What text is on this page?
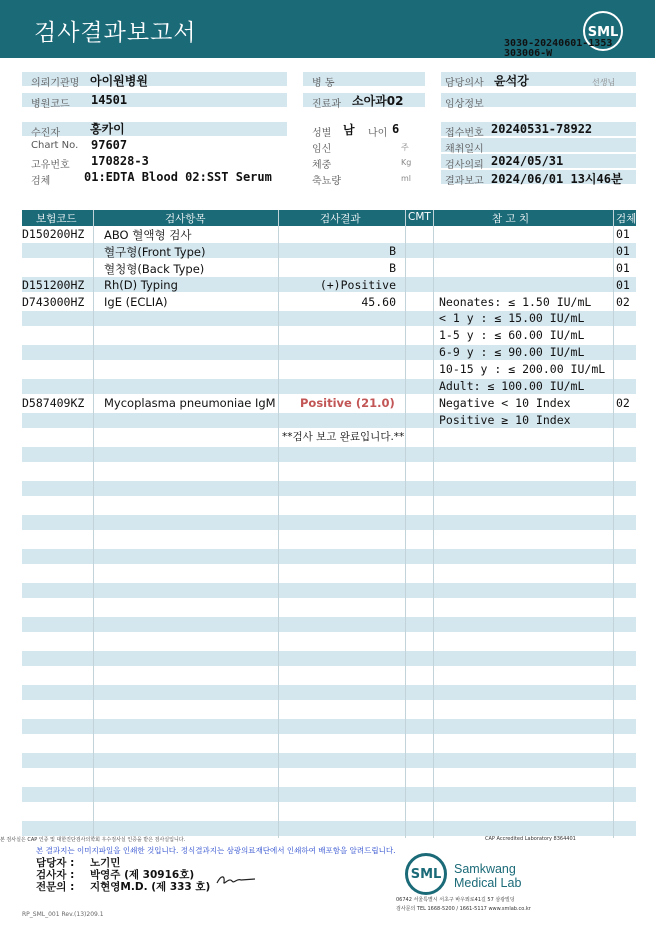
검사결과보고서	SML
3030-20240601-1353
303006-W
의뢰기관명 아이원병원
병원코드 14501
병 동
진료과 소아과02
담당의사 윤석강	선생님
임상정보
수진자	홍카이
Chart No. 97607
고유번호 170828-3
검체	01:EDTA Blood 02:SST Serum
성별 남 나이 6
임신	주
체중	Kg
축뇨량	ml
접수번호 20240531-78922
채취일시
검사의뢰 2024/05/31
결과보고 2024/06/01 13시46분
보험코드	검사항목	검사결과	CMT	참 고 치	검체
D150200HZ ABO 혈액형 검사	01
혈구형(Front Type)	B	01
혈청형(Back Type)	B	01
D151200HZ Rh(D) Typing	(+)Positive	01
D743000HZ IgE (ECLIA)	45.60	Neonates: ≤ 1.50 IU/mL 02
< 1 y : ≤ 15.00 IU/mL
1-5 y : ≤ 60.00 IU/mL
6-9 y : ≤ 90.00 IU/mL
10-15 y : ≤ 200.00 IU/mL
Adult: ≤ 100.00 IU/mL
D587409KZ Mycoplasma pneumoniae IgM Positive (21.0)	Negative < 10 Index	02
Positive ≥ 10 Index
**검사 보고 완료입니다.**
본 검사실은 CAP 인증 및 대한진단검사의학회 우수검사실 인증을 받은 검사실입니다.	CAP Accredited Laboratory 8364401
본 결과지는 이미지파일을 인쇄한 것입니다. 정식결과지는 삼광의료재단에서 인쇄하여 배포함을 알려드립니다.
담당자 : 노기민
검사자 : 박영주 (제 30916호)
전문의 : 지현영M.D. (제 333 호)
SML Samkwang
Medical Lab
06742 서울특별시 서초구 바우뫼로41길 57 삼광빌딩
검사문의 TEL 1668-5200 / 1661-5117 www.smlab.co.kr
RP_SML_001 Rev.(13)209.1
